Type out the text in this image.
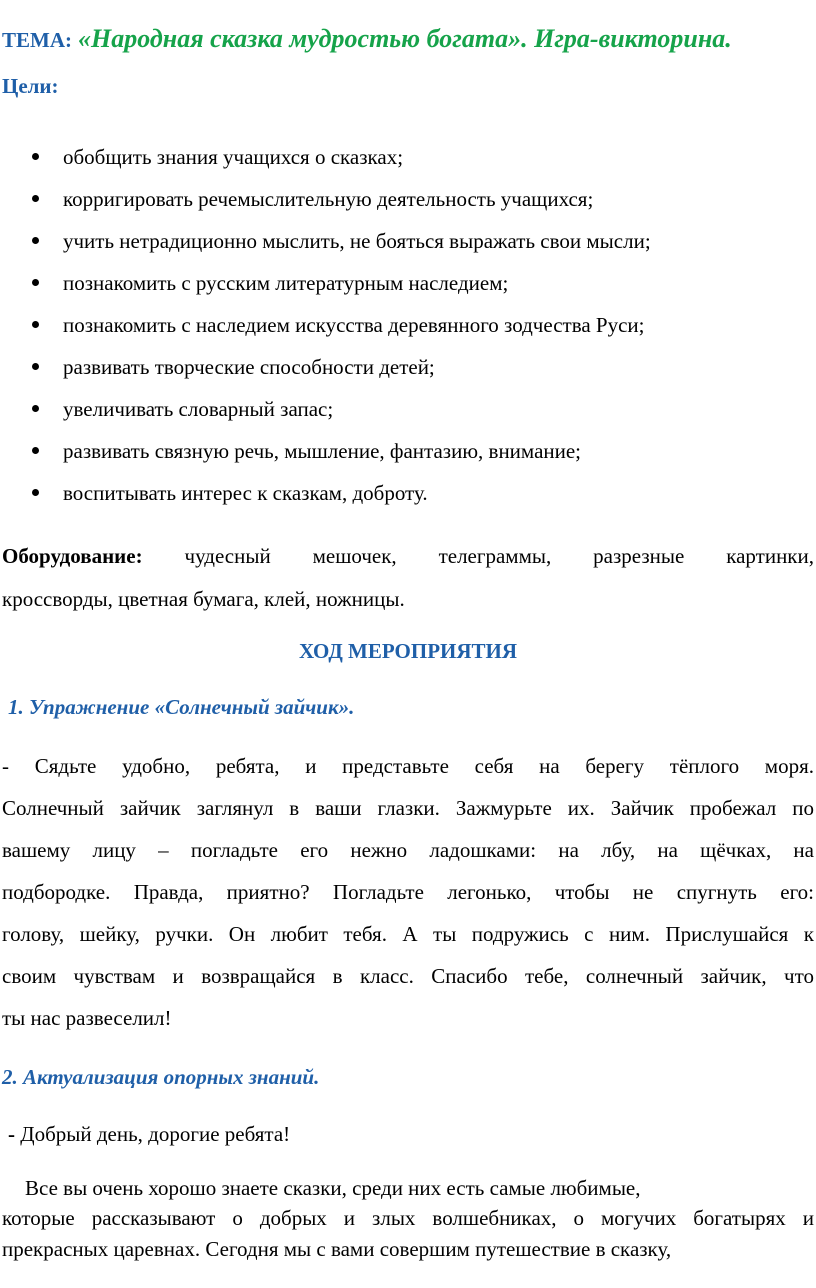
ТЕМА: «Народная сказка мудростью богата». Игра-викторина.
Цели:
обобщить знания учащихся о сказках;
корригировать речемыслительную деятельность учащихся;
учить нетрадиционно мыслить, не бояться выражать свои мысли;
познакомить с русским литературным наследием;
познакомить с наследием искусства деревянного зодчества Руси;
развивать творческие способности детей;
увеличивать словарный запас;
развивать связную речь, мышление, фантазию, внимание;
воспитывать интерес к сказкам, доброту.
Оборудование: чудесный мешочек, телеграммы, разрезные картинки,
кроссворды, цветная бумага, клей, ножницы.
ХОД МЕРОПРИЯТИЯ
1. Упражнение «Солнечный зайчик».
- Сядьте удобно, ребята, и представьте себя на берегу тёплого моря.
Солнечный зайчик заглянул в ваши глазки. Зажмурьте их. Зайчик пробежал по
вашему лицу – погладьте его нежно ладошками: на лбу, на щёчках, на
подбородке. Правда, приятно? Погладьте легонько, чтобы не спугнуть его:
голову, шейку, ручки. Он любит тебя. А ты подружись с ним. Прислушайся к
своим чувствам и возвращайся в класс. Спасибо тебе, солнечный зайчик, что
ты нас развеселил!
2. Актуализация опорных знаний.
- Добрый день, дорогие ребята!
Все вы очень хорошо знаете сказки, среди них есть самые любимые,
которые рассказывают о добрых и злых волшебниках, о могучих богатырях и
прекрасных царевнах. Сегодня мы с вами совершим путешествие в сказку,
